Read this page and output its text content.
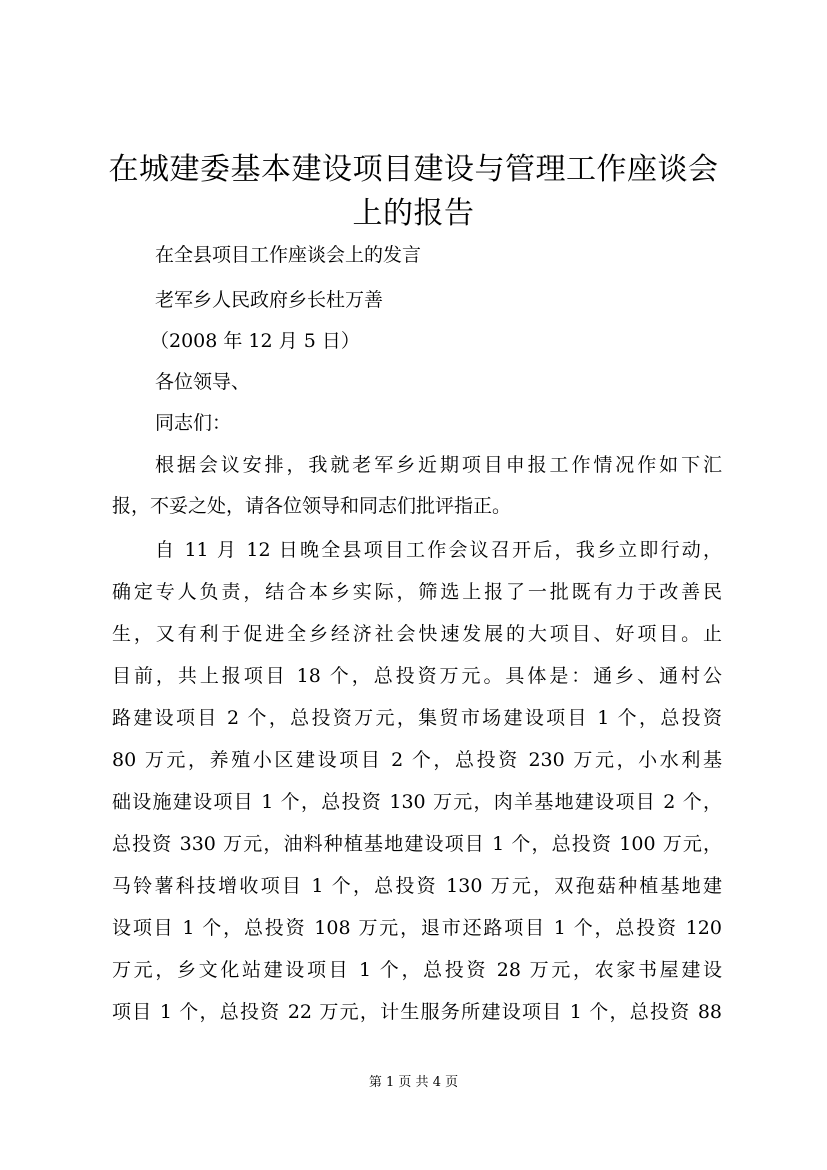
在城建委基本建设项目建设与管理工作座谈会
上的报告

在全县项目工作座谈会上的发言

老军乡人民政府乡长杜万善

（2008 年 12 月 5 日）

各位领导、

同志们：

根据会议安排，我就老军乡近期项目申报工作情况作如下汇

报，不妥之处，请各位领导和同志们批评指正。

自 11 月 12 日晚全县项目工作会议召开后，我乡立即行动，

确定专人负责，结合本乡实际，筛选上报了一批既有力于改善民

生，又有利于促进全乡经济社会快速发展的大项目、好项目。止

目前，共上报项目 18 个，总投资万元。具体是：通乡、通村公

路建设项目 2 个，总投资万元，集贸市场建设项目 1 个，总投资

80 万元，养殖小区建设项目 2 个，总投资 230 万元，小水利基

础设施建设项目 1 个，总投资 130 万元，肉羊基地建设项目 2 个，

总投资 330 万元，油料种植基地建设项目 1 个，总投资 100 万元，

马铃薯科技增收项目 1 个，总投资 130 万元，双孢菇种植基地建

设项目 1 个，总投资 108 万元，退市还路项目 1 个，总投资 120

万元，乡文化站建设项目 1 个，总投资 28 万元，农家书屋建设

项目 1 个，总投资 22 万元，计生服务所建设项目 1 个，总投资 88

第 1 页 共 4 页
